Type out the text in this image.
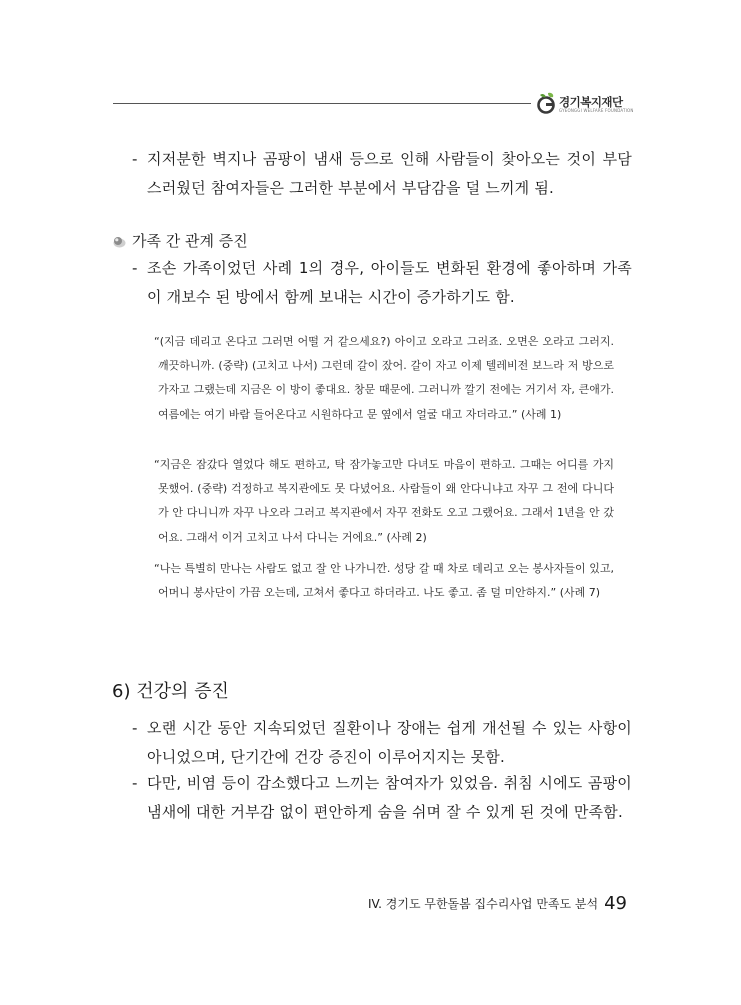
경기복지재단
GYEONGGI WELFARE FOUNDATION
- 지저분한 벽지나 곰팡이 냄새 등으로 인해 사람들이 찾아오는 것이 부담스러웠던 참여자들은 그러한 부분에서 부담감을 덜 느끼게 됨.
가족 간 관계 증진
- 조손 가족이었던 사례 1의 경우, 아이들도 변화된 환경에 좋아하며 가족이 개보수 된 방에서 함께 보내는 시간이 증가하기도 함.
“(지금 데리고 온다고 그러면 어떨 거 같으세요?) 아이고 오라고 그러죠. 오면은 오라고 그러지. 깨끗하니까. (중략) (고치고 나서) 그런데 갈이 잤어. 갈이 자고 이제 텔레비전 보느라 저 방으로 가자고 그랬는데 지금은 이 방이 좋대요. 창문 때문에. 그러니까 깔기 전에는 거기서 자, 큰애가. 여름에는 여기 바람 들어온다고 시원하다고 문 옆에서 얼굴 대고 자더라고.” (사례 1)
“지금은 잠갔다 열었다 해도 편하고, 탁 잠가놓고만 다녀도 마음이 편하고. 그때는 어디를 가지 못했어. (중략) 걱정하고 복지관에도 못 다녔어요. 사람들이 왜 안다니냐고 자꾸 그 전에 다니다가 안 다니니까 자꾸 나오라 그러고 복지관에서 자꾸 전화도 오고 그랬어요. 그래서 1년을 안 갔어요. 그래서 이거 고치고 나서 다니는 거에요.” (사례 2)
“나는 특별히 만나는 사람도 없고 잘 안 나가니깐. 성당 갈 때 차로 데리고 오는 봉사자들이 있고, 어머니 봉사단이 가끔 오는데, 고쳐서 좋다고 하더라고. 나도 좋고. 좀 덜 미안하지.” (사례 7)
6) 건강의 증진
- 오랜 시간 동안 지속되었던 질환이나 장애는 쉽게 개선될 수 있는 사항이 아니었으며, 단기간에 건강 증진이 이루어지지는 못함.
- 다만, 비염 등이 감소했다고 느끼는 참여자가 있었음. 취침 시에도 곰팡이 냄새에 대한 거부감 없이 편안하게 숨을 쉬며 잘 수 있게 된 것에 만족함.
IV. 경기도 무한돌봄 집수리사업 만족도 분석 49
